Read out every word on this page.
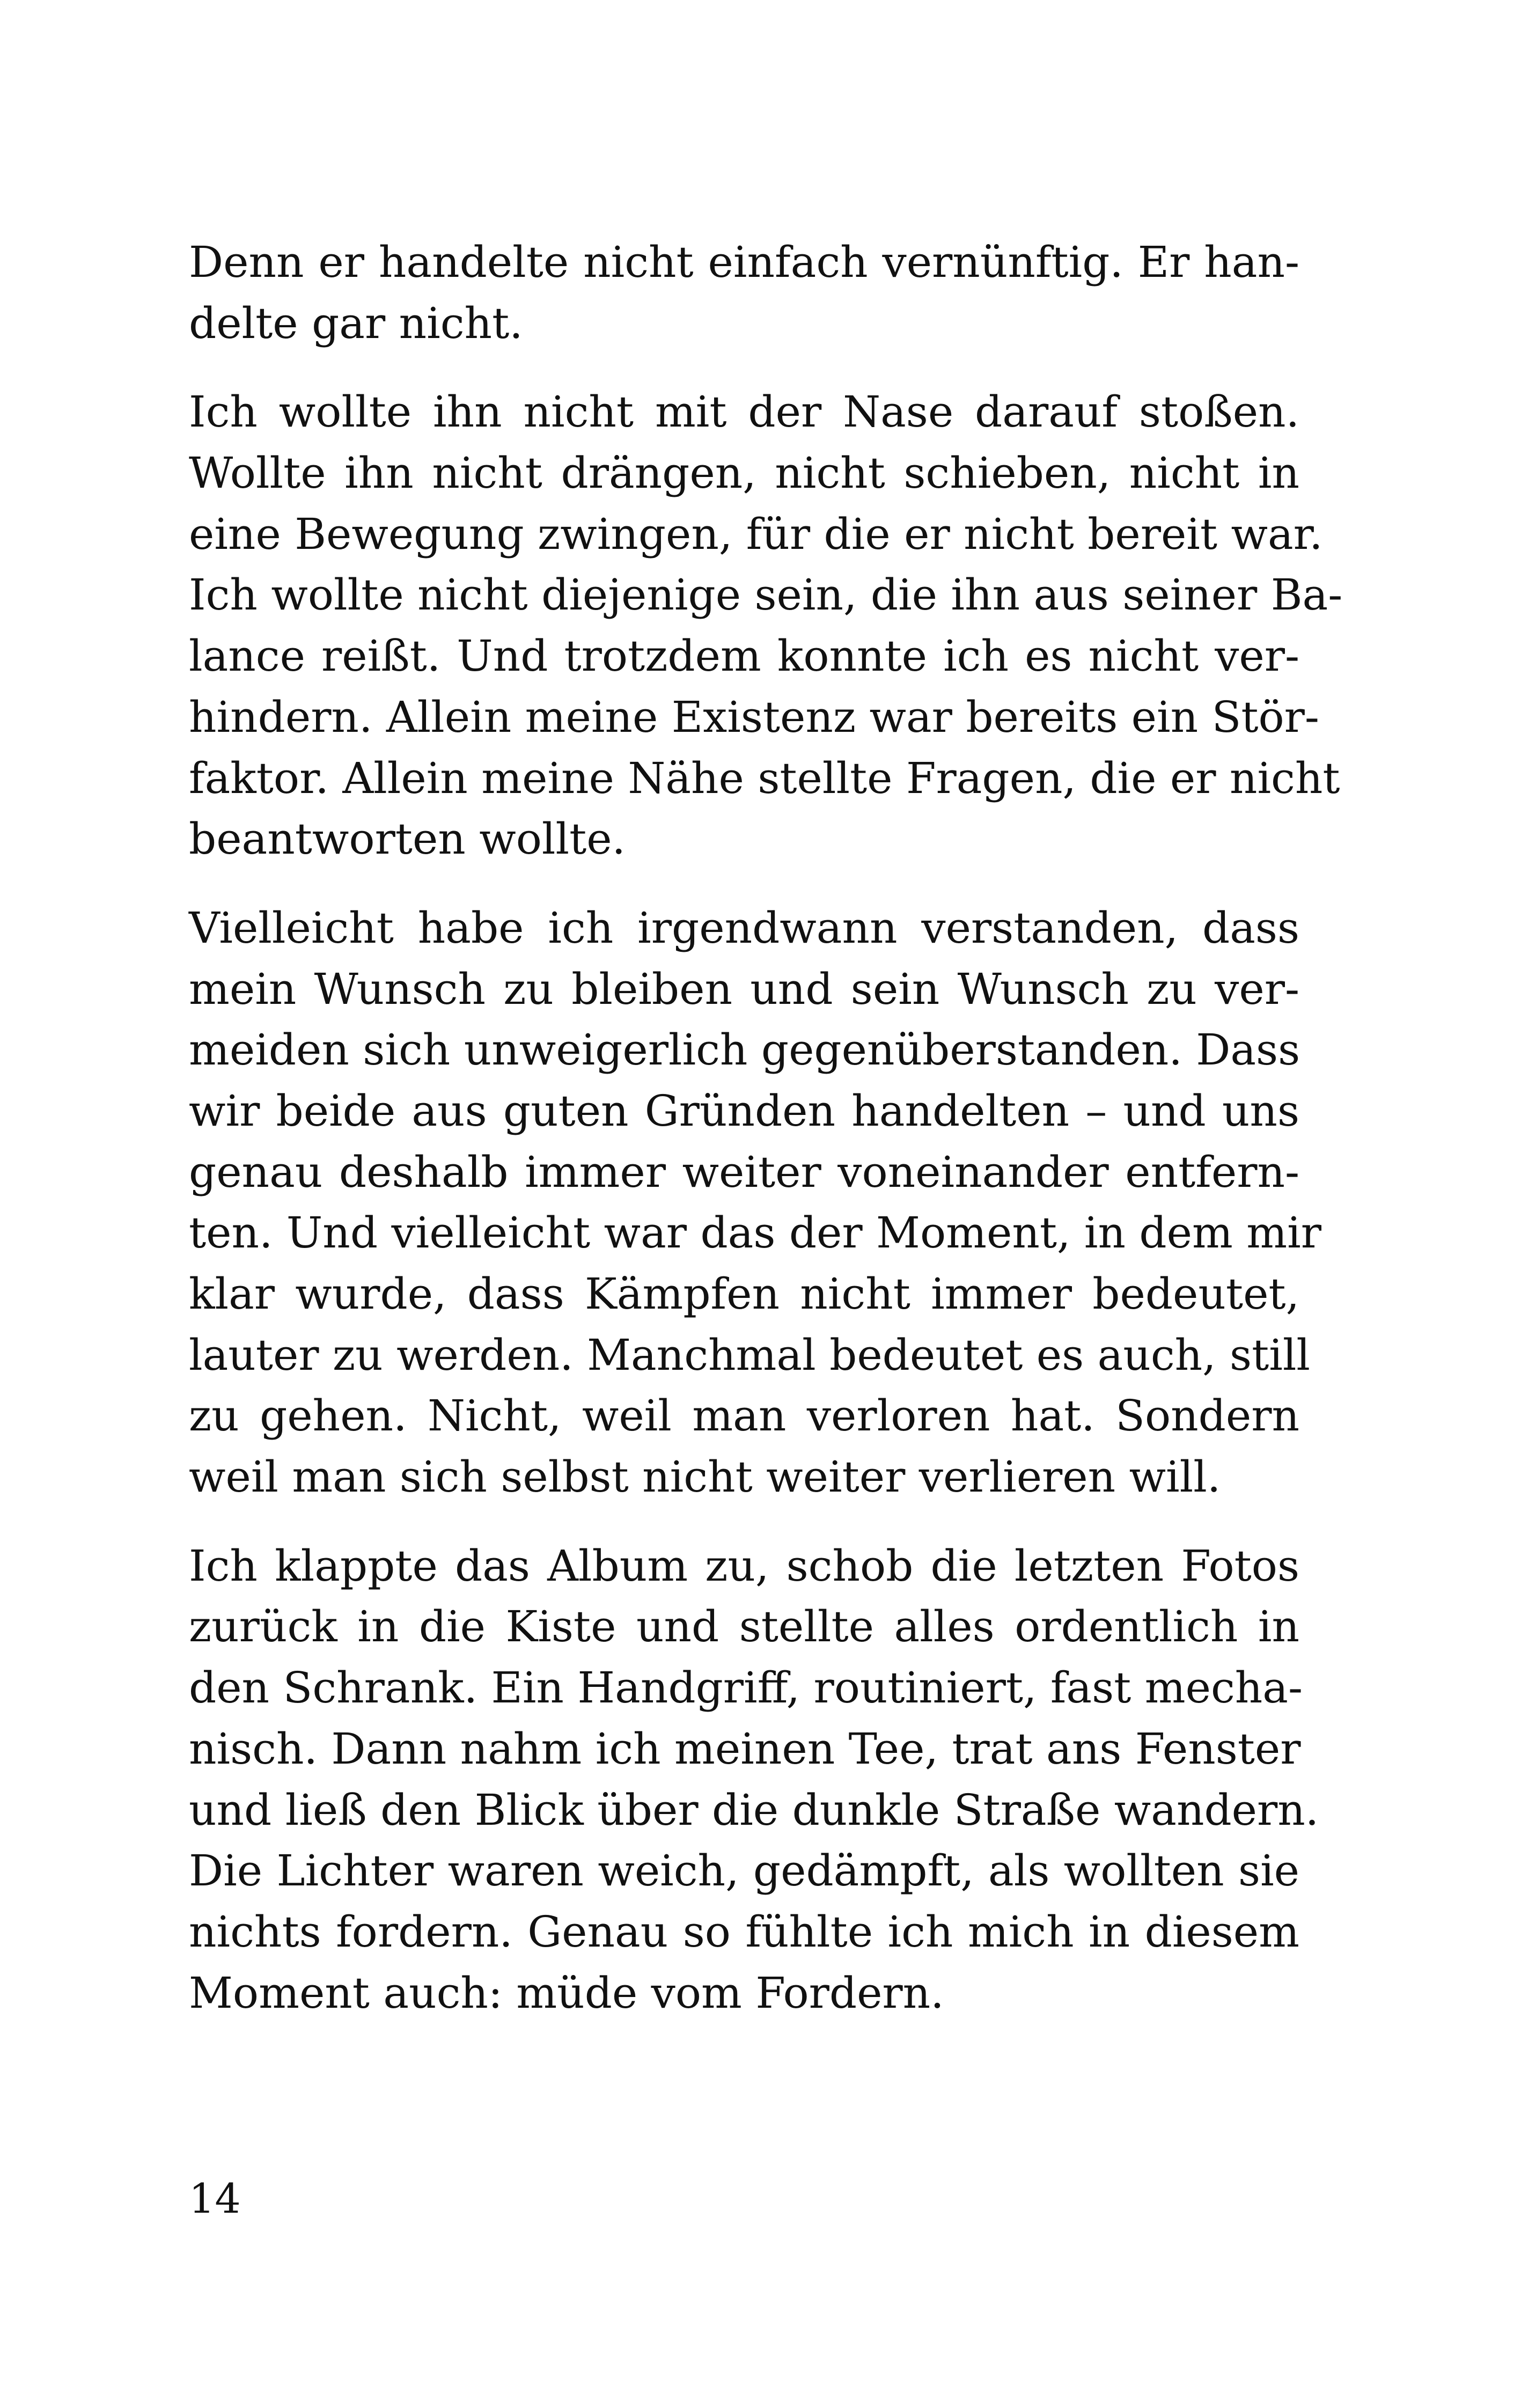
Denn er handelte nicht einfach vernünftig. Er han-
delte gar nicht.

Ich wollte ihn nicht mit der Nase darauf stoßen.
Wollte ihn nicht drängen, nicht schieben, nicht in
eine Bewegung zwingen, für die er nicht bereit war.
Ich wollte nicht diejenige sein, die ihn aus seiner Ba-
lance reißt. Und trotzdem konnte ich es nicht ver-
hindern. Allein meine Existenz war bereits ein Stör-
faktor. Allein meine Nähe stellte Fragen, die er nicht
beantworten wollte.

Vielleicht habe ich irgendwann verstanden, dass
mein Wunsch zu bleiben und sein Wunsch zu ver-
meiden sich unweigerlich gegenüberstanden. Dass
wir beide aus guten Gründen handelten – und uns
genau deshalb immer weiter voneinander entfern-
ten. Und vielleicht war das der Moment, in dem mir
klar wurde, dass Kämpfen nicht immer bedeutet,
lauter zu werden. Manchmal bedeutet es auch, still
zu gehen. Nicht, weil man verloren hat. Sondern
weil man sich selbst nicht weiter verlieren will.

Ich klappte das Album zu, schob die letzten Fotos
zurück in die Kiste und stellte alles ordentlich in
den Schrank. Ein Handgriff, routiniert, fast mecha-
nisch. Dann nahm ich meinen Tee, trat ans Fenster
und ließ den Blick über die dunkle Straße wandern.
Die Lichter waren weich, gedämpft, als wollten sie
nichts fordern. Genau so fühlte ich mich in diesem
Moment auch: müde vom Fordern.

14
